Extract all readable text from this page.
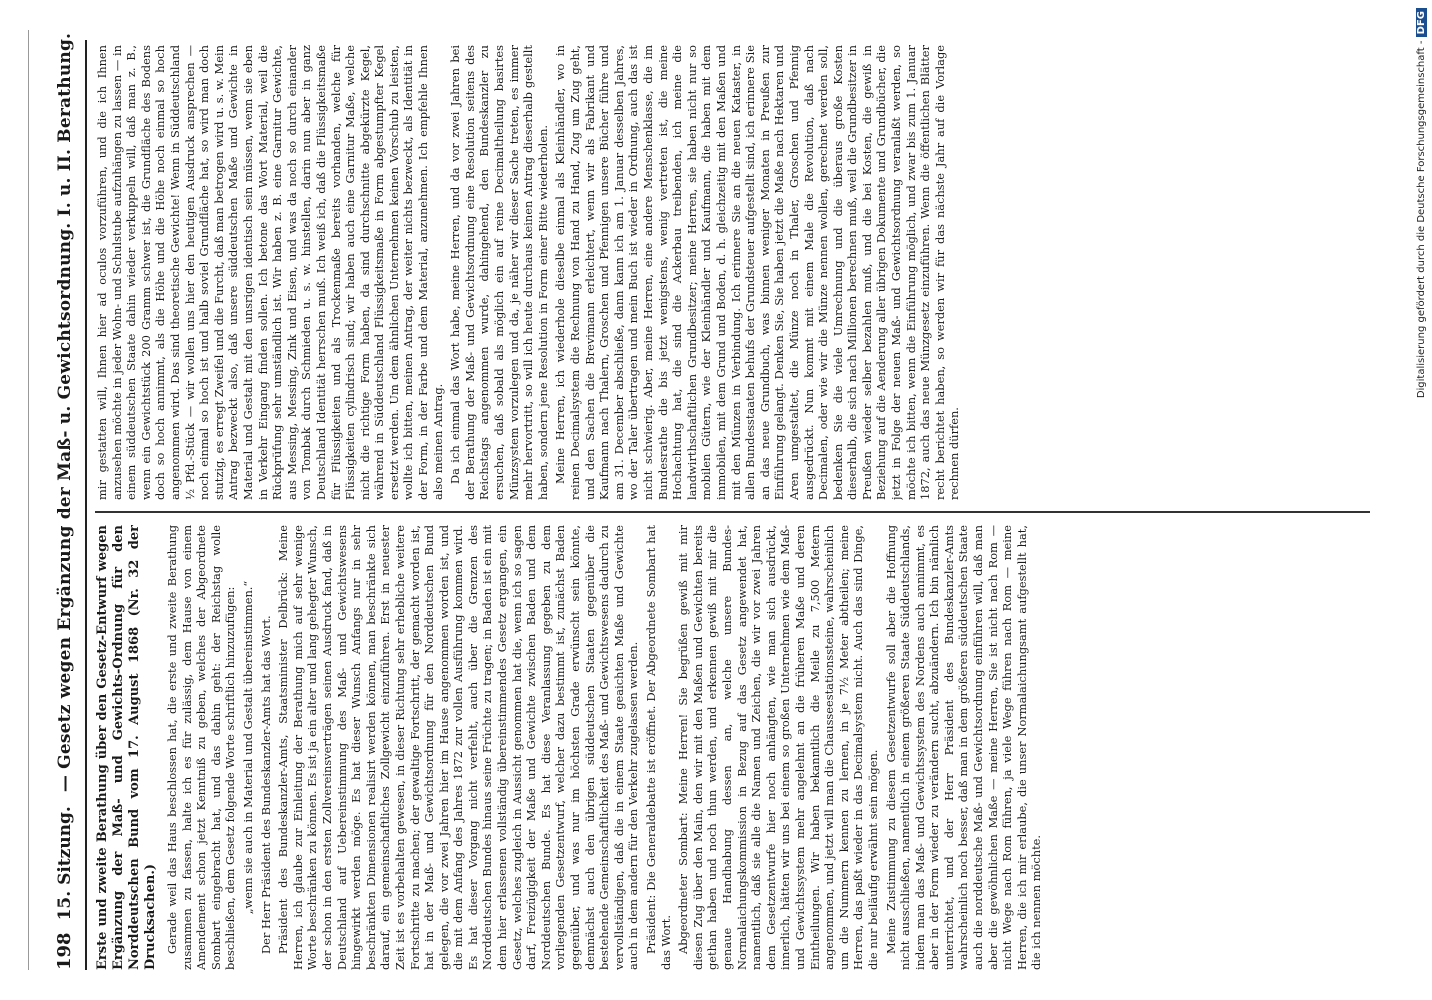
198
15. Sitzung.
— Gesetz wegen Ergänzung der Maß- u. Gewichtsordnung. I. u. II. Berathung. Erste und zweite Berathung über den Gesetz-Entwurf wegen Ergänzung der Maß- und Gewichts-Ordnung für den Norddeutschen Bund vom 17. August 1868 (Nr. 32 der Drucksachen.) Gerade weil das Haus beschlossen hat, die erste und zweite Berathung zusammen zu fassen, halte ich es für zulässig, dem Hause von einem Amendement schon jetzt Kenntniß zu geben, welches der Abgeordnete Sombart eingebracht hat, und das dahin geht: der Reichstag wolle beschließen, dem Gesetz folgende Worte schriftlich hinzuzufügen: „wenn sie auch in Material und Gestalt übereinstimmen.“ Der Herr Präsident des Bundeskanzler-Amts hat das Wort. Präsident des Bundeskanzler-Amts, Staatsminister Delbrück: Meine Herren, ich glaube zur Einleitung der Berathung mich auf sehr wenige Worte beschränken zu können. Es ist ja ein alter und lang gehegter Wunsch, der schon in den ersten Zollvereinsverträgen seinen Ausdruck fand, daß in Deutschland auf Uebereinstimmung des Maß- und Gewichtswesens hingewirkt werden möge. Es hat dieser Wunsch Anfangs nur in sehr beschränkten Dimensionen realisirt werden können, man beschränkte sich darauf, ein gemeinschaftliches Zollgewicht einzuführen. Erst in neuester Zeit ist es vorbehalten gewesen, in dieser Richtung sehr erhebliche weitere Fortschritte zu machen; der gewaltige Fortschritt, der gemacht worden ist, hat in der Maß- und Gewichtsordnung für den Norddeutschen Bund gelegen, die vor zwei Jahren hier im Hause angenommen worden ist, und die mit dem Anfang des Jahres 1872 zur vollen Ausführung kommen wird. Es hat dieser Vorgang nicht verfehlt, auch über die Grenzen des Norddeutschen Bundes hinaus seine Früchte zu tragen; in Baden ist ein mit dem hier erlassenen vollständig übereinstimmendes Gesetz ergangen, ein Gesetz, welches zugleich in Aussicht genommen hat die, wenn ich so sagen darf, Freizügigkeit der Maße und Gewichte zwischen Baden und dem Norddeutschen Bunde. Es hat diese Veranlassung gegeben zu dem vorliegenden Gesetzentwurf, welcher dazu bestimmt ist, zunächst Baden gegenüber, und was nur im höchsten Grade erwünscht sein könnte, demnächst auch den übrigen süddeutschen Staaten gegenüber die bestehende Gemeinschaftlichkeit des Maß- und Gewichtswesens dadurch zu vervollständigen, daß die in einem Staate geaichten Maße und Gewichte auch in dem andern für den Verkehr zugelassen werden. Präsident: Die Generaldebatte ist eröffnet. Der Abgeordnete Sombart hat das Wort. Abgeordneter Sombart: Meine Herren! Sie begrüßen gewiß mit mir diesen Zug über den Main, den wir mit den Maßen und Gewichten bereits gethan haben und noch thun werden, und erkennen gewiß mit mir die genaue Handhabung dessen an, welche unsere Bundes-Normalaichungskommission in Bezug auf das Gesetz angewendet hat, namentlich, daß sie alle die Namen und Zeichen, die wir vor zwei Jahren dem Gesetzentwurfe hier noch anhängten, wie man sich ausdrückt, innerlich, hätten wir uns bei einem so großen Unternehmen wie dem Maß- und Gewichtssystem mehr angelehnt an die früheren Maße und deren Eintheilungen. Wir haben bekanntlich die Meile zu 7,500 Metern angenommen, und jetzt will man die Chausseestationssteine, wahrscheinlich um die Nummern kennen zu lernen, in je 7½ Meter abtheilen; meine Herren, das paßt wieder in das Decimalsystem nicht. Auch das sind Dinge, die nur beiläufig erwähnt sein mögen. Meine Zustimmung zu diesem Gesetzentwurfe soll aber die Hoffnung nicht ausschließen, namentlich in einem größeren Staate Süddeutschlands, indem man das Maß- und Gewichtssystem des Nordens auch annimmt, es aber in der Form wieder zu verändern sucht, abzuändern. Ich bin nämlich unterrichtet, und der Herr Präsident des Bundeskanzler-Amts wahrscheinlich noch besser, daß man in dem größeren süddeutschen Staate auch die norddeutsche Maß- und Gewichtsordnung einführen will, daß man aber die gewöhnlichen Maße — meine Herren, Sie ist nicht nach Rom — nicht Wege nach Rom führen, ja viele Wege führen nach Rom — meine Herren, die ich mir erlaube, die unser Normalaichungsamt aufgestellt hat, die ich nennen möchte.

mir gestatten will, Ihnen hier ad oculos vorzuführen, und die ich Ihnen anzusehen möchte in jeder Wohn- und Schulstube aufzuhängen zu lassen — in einem süddeutschen Staate dahin wieder verkuppeln will, daß man z. B., wenn ein Gewichtstück 200 Gramm schwer ist, die Grundfläche des Bodens doch so hoch annimmt, als die Höhe und die Höhe noch einmal so hoch angenommen wird. Das sind theoretische Gewichte! Wenn in Süddeutschland ½ Pfd.-Stück — wir wollen uns hier den heutigen Ausdruck ansprechen — noch einmal so hoch ist und halb soviel Grundfläche hat, so wird man doch stutzig, es erregt Zweifel und die Furcht, daß man betrogen wird u. s. w. Mein Antrag bezweckt also, daß unsere süddeutschen Maße und Gewichte in Material und Gestalt mit den unsrigen identisch sein müssen, wenn sie eben in Verkehr Eingang finden sollen. Ich betone das Wort Material, weil die Rückprüfung sehr umständlich ist. Wir haben z. B. eine Garnitur Gewichte, aus Messing, Messing, Zink und Eisen, und was da noch so durch einander von Tombak durch Schmieden u. s. w. hinstellen, darin nun aber in ganz Deutschland Identität herrschen muß. Ich weiß ich, daß die Flüssigkeitsmaße für Flüssigkeiten und als Trockenmaße bereits vorhanden, welche für Flüssigkeiten cylindrisch sind; wir haben auch eine Garnitur Maße, welche nicht die richtige Form haben, da sind durchschnitte abgekürzte Kegel, während in Süddeutschland Flüssigkeitsmaße in Form abgestumpfter Kegel ersetzt werden. Um dem ähnlichen Unternehmen keinen Vorschub zu leisten, wollte ich bitten, meinen Antrag, der weiter nichts bezweckt, als Identität in der Form, in der Farbe und dem Material, anzunehmen. Ich empfehle Ihnen also meinen Antrag. Da ich einmal das Wort habe, meine Herren, und da vor zwei Jahren bei der Berathung der Maß- und Gewichtsordnung eine Resolution seitens des Reichstags angenommen wurde, dahingehend, den Bundeskanzler zu ersuchen, daß sobald als möglich ein auf reine Decimaltheilung basirtes Münzsystem vorzulegen und da, je näher wir dieser Sache treten, es immer mehr hervortritt, so will ich heute durchaus keinen Antrag dieserhalb gestellt haben, sondern jene Resolution in Form einer Bitte wiederholen. Meine Herren, ich wiederhole dieselbe einmal als Kleinhändler, wo in reinen Decimalsystem die Rechnung von Hand zu Hand, Zug um Zug geht, und den Sachen die Brevimann erleichtert, wenn wir als Fabrikant und Kaufmann nach Thalern, Groschen und Pfennigen unsere Bücher führe und am 31. December abschließe, dann kann ich am 1. Januar desselben Jahres, wo der Taler übertragen und mein Buch ist wieder in Ordnung, auch das ist nicht schwierig. Aber, meine Herren, eine andere Menschenklasse, die im Bundesrathe die bis jetzt wenigstens, wenig vertreten ist, die meine Hochachtung hat, die sind die Ackerbau treibenden, ich meine die landwirthschaftlichen Grundbesitzer; meine Herren, sie haben nicht nur so mobilen Gütern, wie der Kleinhändler und Kaufmann, die haben mit dem immobilen, mit dem Grund und Boden, d. h. gleichzeitig mit den Maßen und mit den Münzen in Verbindung. Ich erinnere Sie an die neuen Kataster, in allen Bundesstaaten behufs der Grundsteuer aufgestellt sind, ich erinnere Sie an das neue Grundbuch, was binnen weniger Monaten in Preußen zur Einführung gelangt. Denken Sie, Sie haben jetzt die Maße nach Hektaren und Aren umgestaltet, die Münze noch in Thaler, Groschen und Pfennig ausgedrückt. Nun kommt mit einem Male die Revolution, daß nach Decimalen, oder wie wir die Münze nennen wollen, gerechnet werden soll, bedenken Sie die viele Umrechnung und die überaus große Kosten dieserhalb, die sich nach Millionen berechnen muß, weil die Grundbesitzer in Preußen wieder selber bezahlen muß, und die bei Kosten, die gewiß in Beziehung auf die Aenderung aller übrigen Dokumente und Grundbücher, die jetzt in Folge der neuen Maß- und Gewichtsordnung veranlaßt werden, so möchte ich bitten, wenn die Einführung möglich, und zwar bis zum 1. Januar 1872, auch das neue Münzgesetz einzuführen. Wenn die öffentlichen Blätter recht berichtet haben, so werden wir für das nächste Jahr auf die Vorlage rechnen dürfen.

Digitalisierung gefördert durch die Deutsche Forschungsgemeinschaft - DFG
